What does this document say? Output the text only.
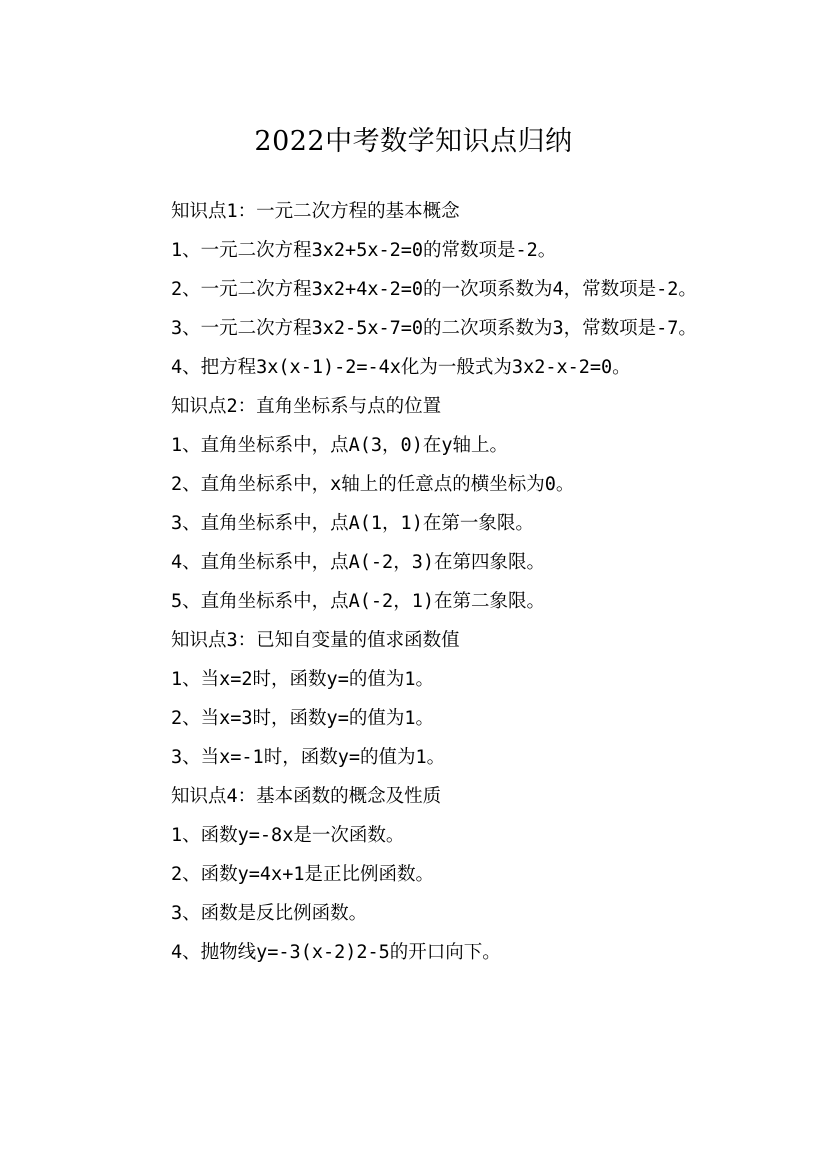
2022中考数学知识点归纳

知识点1：一元二次方程的基本概念

1、一元二次方程3x2+5x-2=0的常数项是-2。

2、一元二次方程3x2+4x-2=0的一次项系数为4，常数项是-2。

3、一元二次方程3x2-5x-7=0的二次项系数为3，常数项是-7。

4、把方程3x(x-1)-2=-4x化为一般式为3x2-x-2=0。

知识点2：直角坐标系与点的位置

1、直角坐标系中，点A(3，0)在y轴上。

2、直角坐标系中，x轴上的任意点的横坐标为0。

3、直角坐标系中，点A(1，1)在第一象限。

4、直角坐标系中，点A(-2，3)在第四象限。

5、直角坐标系中，点A(-2，1)在第二象限。

知识点3：已知自变量的值求函数值

1、当x=2时，函数y=的值为1。

2、当x=3时，函数y=的值为1。

3、当x=-1时，函数y=的值为1。

知识点4：基本函数的概念及性质

1、函数y=-8x是一次函数。

2、函数y=4x+1是正比例函数。

3、函数是反比例函数。

4、抛物线y=-3(x-2)2-5的开口向下。
